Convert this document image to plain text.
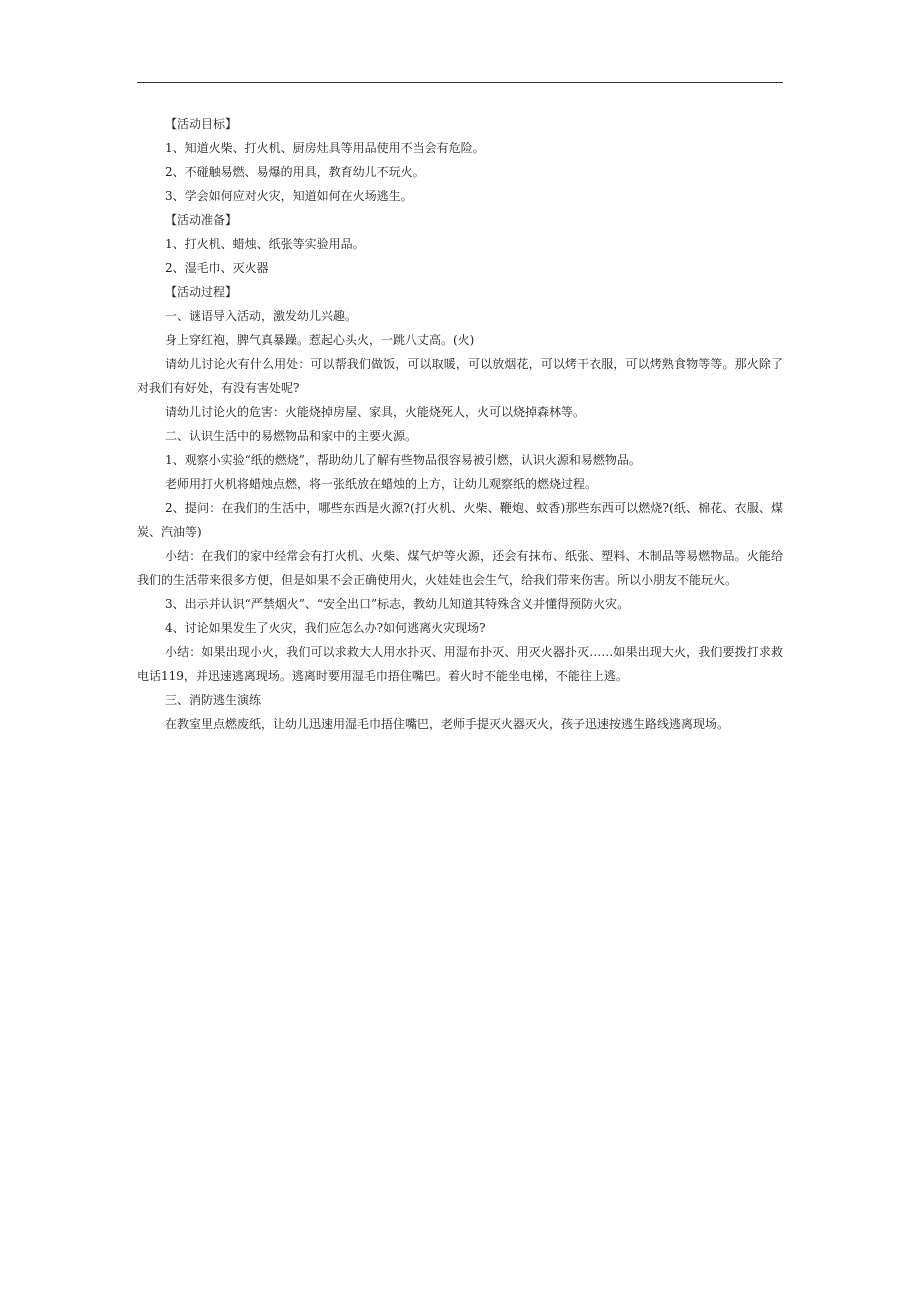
【活动目标】

1、知道火柴、打火机、厨房灶具等用品使用不当会有危险。

2、不碰触易燃、易爆的用具，教育幼儿不玩火。

3、学会如何应对火灾，知道如何在火场逃生。

【活动准备】

1、打火机、蜡烛、纸张等实验用品。

2、湿毛巾、灭火器

【活动过程】

一、谜语导入活动，激发幼儿兴趣。

身上穿红袍，脾气真暴躁。惹起心头火，一跳八丈高。(火)

请幼儿讨论火有什么用处：可以帮我们做饭，可以取暖，可以放烟花，可以烤干衣服，可以烤熟食物等等。那火除了对我们有好处，有没有害处呢?

请幼儿讨论火的危害：火能烧掉房屋、家具，火能烧死人，火可以烧掉森林等。

二、认识生活中的易燃物品和家中的主要火源。

1、观察小实验“纸的燃烧”，帮助幼儿了解有些物品很容易被引燃，认识火源和易燃物品。

老师用打火机将蜡烛点燃，将一张纸放在蜡烛的上方，让幼儿观察纸的燃烧过程。

2、提问：在我们的生活中，哪些东西是火源?(打火机、火柴、鞭炮、蚊香)那些东西可以燃烧?(纸、棉花、衣服、煤炭、汽油等)

小结：在我们的家中经常会有打火机、火柴、煤气炉等火源，还会有抹布、纸张、塑料、木制品等易燃物品。火能给我们的生活带来很多方便，但是如果不会正确使用火，火娃娃也会生气，给我们带来伤害。所以小朋友不能玩火。

3、出示并认识“严禁烟火”、“安全出口”标志，教幼儿知道其特殊含义并懂得预防火灾。

4、讨论如果发生了火灾，我们应怎么办?如何逃离火灾现场?

小结：如果出现小火，我们可以求救大人用水扑灭、用湿布扑灭、用灭火器扑灭……如果出现大火，我们要拨打求救电话119，并迅速逃离现场。逃离时要用湿毛巾捂住嘴巴。着火时不能坐电梯，不能往上逃。

三、消防逃生演练

在教室里点燃废纸，让幼儿迅速用湿毛巾捂住嘴巴，老师手提灭火器灭火，孩子迅速按逃生路线逃离现场。
